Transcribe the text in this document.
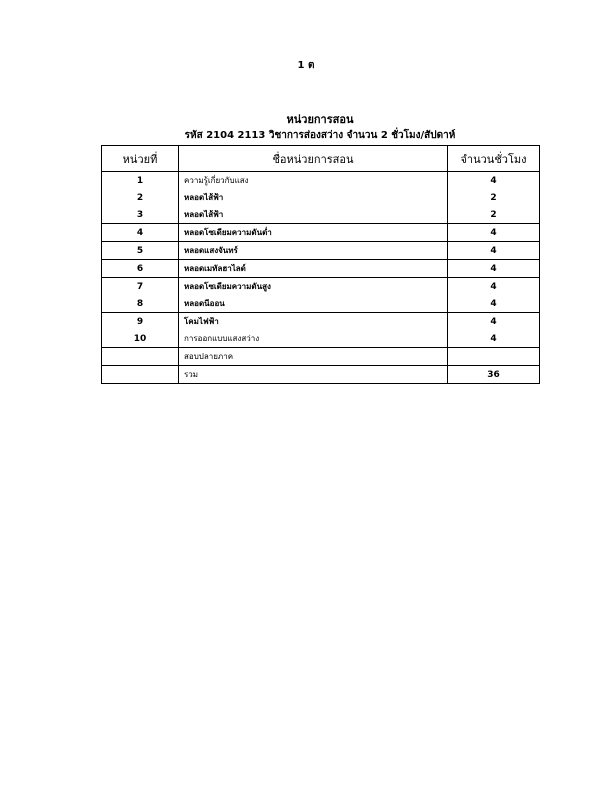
1 ต
หน่วยการสอน
รหัส 2104 2113 วิชาการส่องสว่าง จำนวน 2 ชั่วโมง/สัปดาห์
หน่วยที่	ชื่อหน่วยการสอน	จำนวนชั่วโมง
1	ความรู้เกี่ยวกับแสง	4
2	หลอดไส้ฟ้า	2
3	หลอดไส้ฟ้า	2
4	หลอดโซเดียมความดันต่ำ	4
5	หลอดแสงจันทร์	4
6	หลอดเมทัลฮาไลด์	4
7	หลอดโซเดียมความดันสูง	4
8	หลอดนีออน	4
9	โคมไฟฟ้า	4
10	การออกแบบแสงสว่าง	4
	สอบปลายภาค	
	รวม	36
